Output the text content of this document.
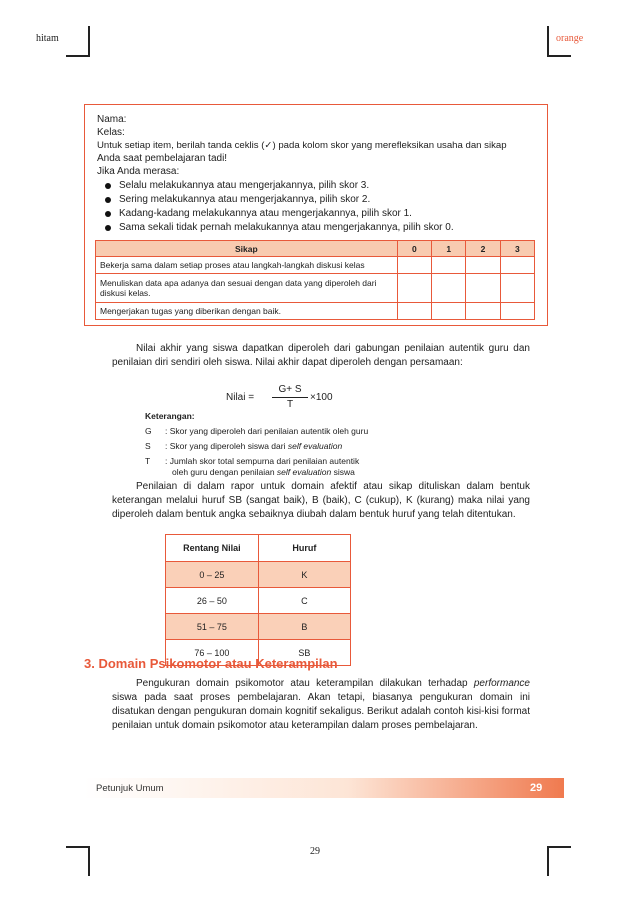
hitam	orange
Nama:
Kelas:
Untuk setiap item, berilah tanda ceklis (✓) pada kolom skor yang merefleksikan usaha dan sikap
Anda saat pembelajaran tadi!
Jika Anda merasa:
Selalu melakukannya atau mengerjakannya, pilih skor 3.
Sering melakukannya atau mengerjakannya, pilih skor 2.
Kadang-kadang melakukannya atau mengerjakannya, pilih skor 1.
Sama sekali tidak pernah melakukannya atau mengerjakannya, pilih skor 0.
Sikap	0	1	2	3
Bekerja sama dalam setiap proses atau langkah-langkah diskusi kelas				
Menuliskan data apa adanya dan sesuai dengan data yang diperoleh dari diskusi kelas.				
Mengerjakan tugas yang diberikan dengan baik.				
Nilai akhir yang siswa dapatkan diperoleh dari gabungan penilaian autentik guru dan penilaian diri sendiri oleh siswa. Nilai akhir dapat diperoleh dengan persamaan:
Nilai =
G+ S
T
×100
Keterangan:
G : Skor yang diperoleh dari penilaian autentik oleh guru
S : Skor yang diperoleh siswa dari self evaluation
T : Jumlah skor total sempurna dari penilaian autentik
oleh guru dengan penilaian self evaluation siswa
Penilaian di dalam rapor untuk domain afektif atau sikap dituliskan dalam bentuk keterangan melalui huruf SB (sangat baik), B (baik), C (cukup), K (kurang) maka nilai yang diperoleh dalam bentuk angka sebaiknya diubah dalam bentuk huruf yang telah ditentukan.
Rentang Nilai	Huruf
0 – 25	K
26 – 50	C
51 – 75	B
76 – 100	SB
3. Domain Psikomotor atau Keterampilan
Pengukuran domain psikomotor atau keterampilan dilakukan terhadap performance siswa pada saat proses pembelajaran. Akan tetapi, biasanya pengukuran domain ini disatukan dengan pengukuran domain kognitif sekaligus. Berikut adalah contoh kisi-kisi format penilaian untuk domain psikomotor atau keterampilan dalam proses pembelajaran.
Petunjuk Umum	29
29
